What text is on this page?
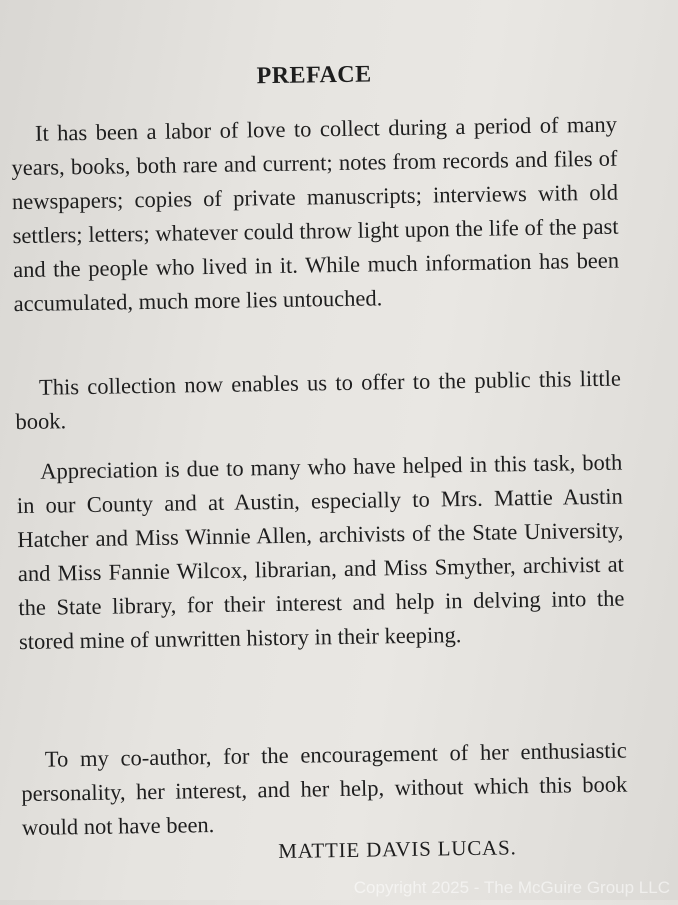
PREFACE

It has been a labor of love to collect during a period of many years, books, both rare and current; notes from records and files of newspapers; copies of private manuscripts; interviews with old settlers; letters; whatever could throw light upon the life of the past and the people who lived in it. While much information has been accumulated, much more lies untouched.

This collection now enables us to offer to the public this little book.

Appreciation is due to many who have helped in this task, both in our County and at Austin, especially to Mrs. Mattie Austin Hatcher and Miss Winnie Allen, archivists of the State University, and Miss Fannie Wilcox, librarian, and Miss Smyther, archivist at the State library, for their interest and help in delving into the stored mine of unwritten history in their keeping.

To my co-author, for the encouragement of her enthusiastic personality, her interest, and her help, without which this book would not have been.

MATTIE DAVIS LUCAS.

Copyright 2025 - The McGuire Group LLC
